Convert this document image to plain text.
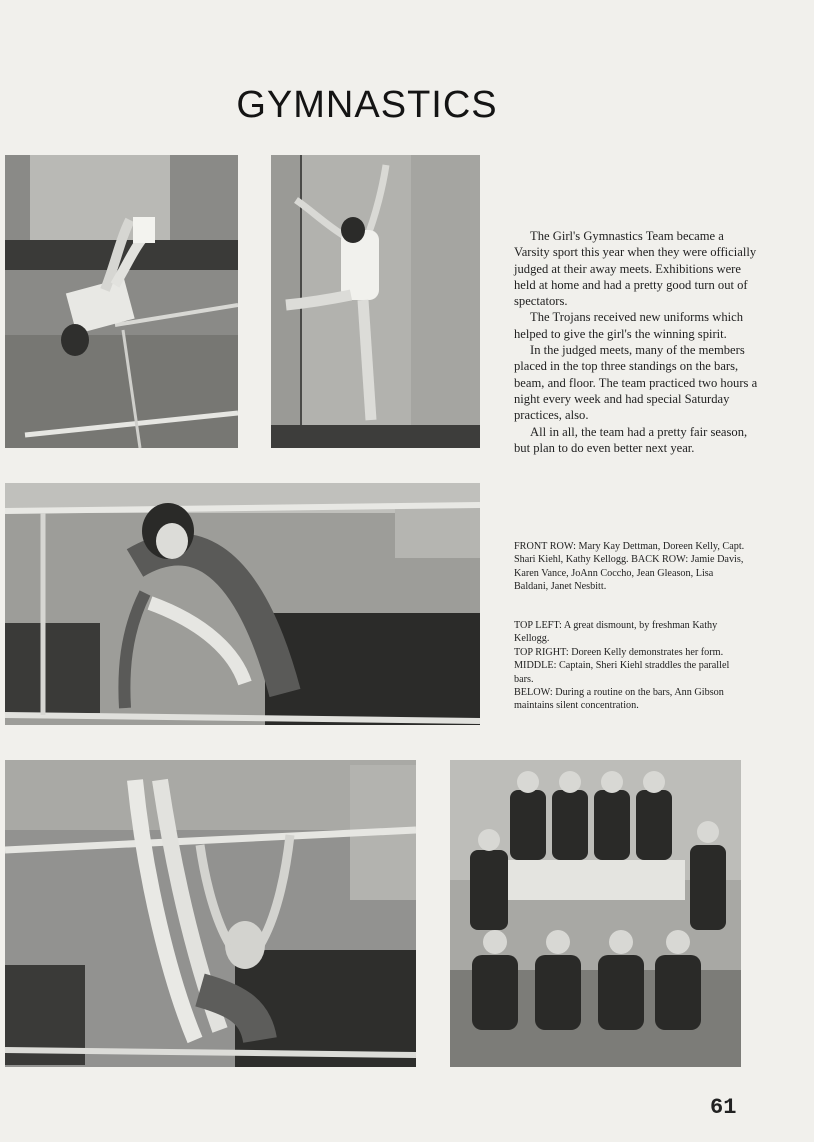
GYMNASTICS

The Girl's Gymnastics Team became a Varsity sport this year when they were officially judged at their away meets. Exhibitions were held at home and had a pretty good turn out of spectators.

The Trojans received new uniforms which helped to give the girl's the winning spirit.

In the judged meets, many of the members placed in the top three standings on the bars, beam, and floor. The team practiced two hours a night every week and had special Saturday practices, also.

All in all, the team had a pretty fair season, but plan to do even better next year.

FRONT ROW: Mary Kay Dettman, Doreen Kelly, Capt. Shari Kiehl, Kathy Kellogg. BACK ROW: Jamie Davis, Karen Vance, JoAnn Coccho, Jean Gleason, Lisa Baldani, Janet Nesbitt.

TOP LEFT: A great dismount, by freshman Kathy Kellogg.

TOP RIGHT: Doreen Kelly demonstrates her form.

MIDDLE: Captain, Sheri Kiehl straddles the parallel bars.

BELOW: During a routine on the bars, Ann Gibson maintains silent concentration.

61
